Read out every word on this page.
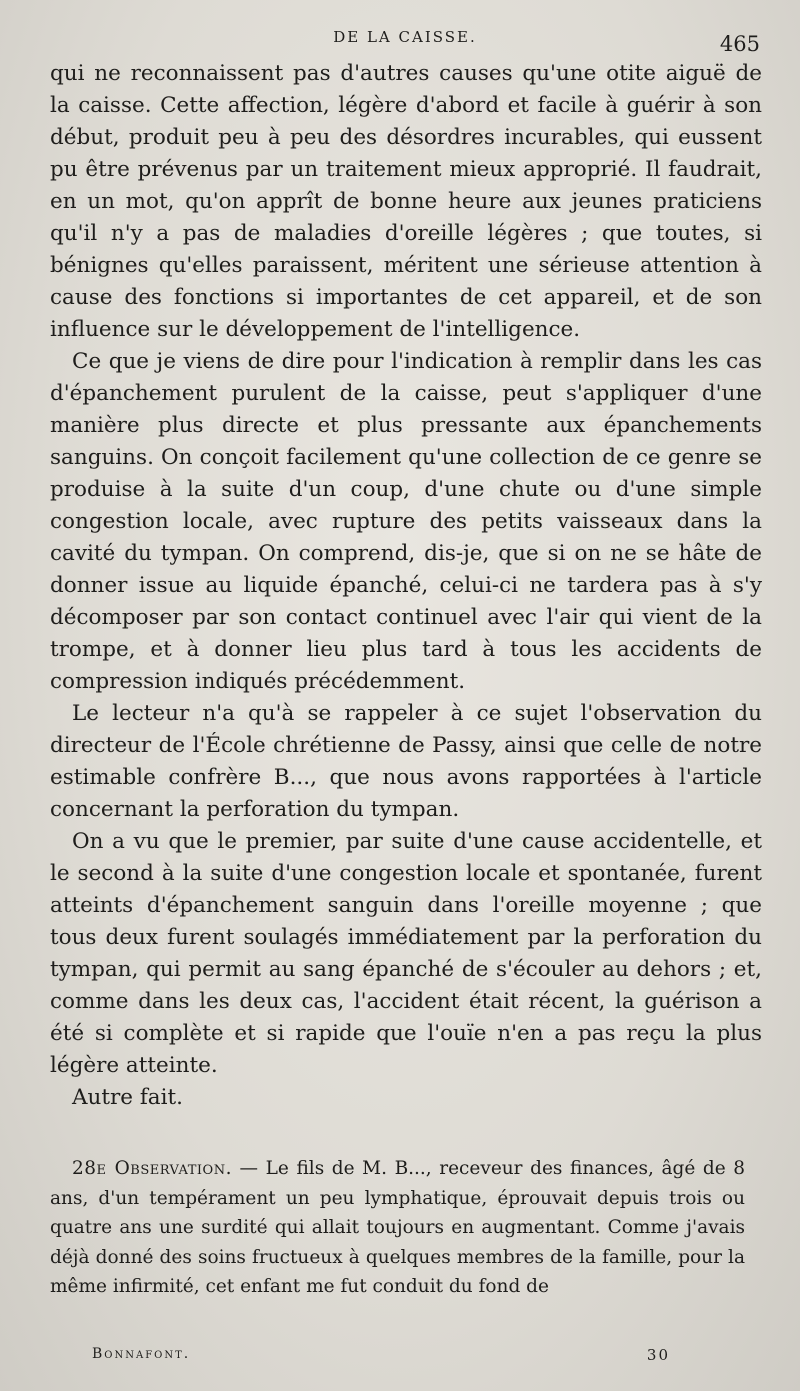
DE LA CAISSE.	465

qui ne reconnaissent pas d'autres causes qu'une otite aiguë de la caisse. Cette affection, légère d'abord et facile à guérir à son début, produit peu à peu des désordres incurables, qui eussent pu être prévenus par un traitement mieux approprié. Il faudrait, en un mot, qu'on apprît de bonne heure aux jeunes praticiens qu'il n'y a pas de maladies d'oreille légères ; que toutes, si bénignes qu'elles paraissent, méritent une sérieuse attention à cause des fonctions si importantes de cet appareil, et de son influence sur le développement de l'intelligence.

Ce que je viens de dire pour l'indication à remplir dans les cas d'épanchement purulent de la caisse, peut s'appliquer d'une manière plus directe et plus pressante aux épanchements sanguins. On conçoit facilement qu'une collection de ce genre se produise à la suite d'un coup, d'une chute ou d'une simple congestion locale, avec rupture des petits vaisseaux dans la cavité du tympan. On comprend, dis-je, que si on ne se hâte de donner issue au liquide épanché, celui-ci ne tardera pas à s'y décomposer par son contact continuel avec l'air qui vient de la trompe, et à donner lieu plus tard à tous les accidents de compression indiqués précédemment.

Le lecteur n'a qu'à se rappeler à ce sujet l'observation du directeur de l'École chrétienne de Passy, ainsi que celle de notre estimable confrère B..., que nous avons rapportées à l'article concernant la perforation du tympan.

On a vu que le premier, par suite d'une cause accidentelle, et le second à la suite d'une congestion locale et spontanée, furent atteints d'épanchement sanguin dans l'oreille moyenne ; que tous deux furent soulagés immédiatement par la perforation du tympan, qui permit au sang épanché de s'écouler au dehors ; et, comme dans les deux cas, l'accident était récent, la guérison a été si complète et si rapide que l'ouïe n'en a pas reçu la plus légère atteinte.

Autre fait.

28e Observation. — Le fils de M. B..., receveur des finances, âgé de 8 ans, d'un tempérament un peu lymphatique, éprouvait depuis trois ou quatre ans une surdité qui allait toujours en augmentant. Comme j'avais déjà donné des soins fructueux à quelques membres de la famille, pour la même infirmité, cet enfant me fut conduit du fond de
Bonnafont.	30
